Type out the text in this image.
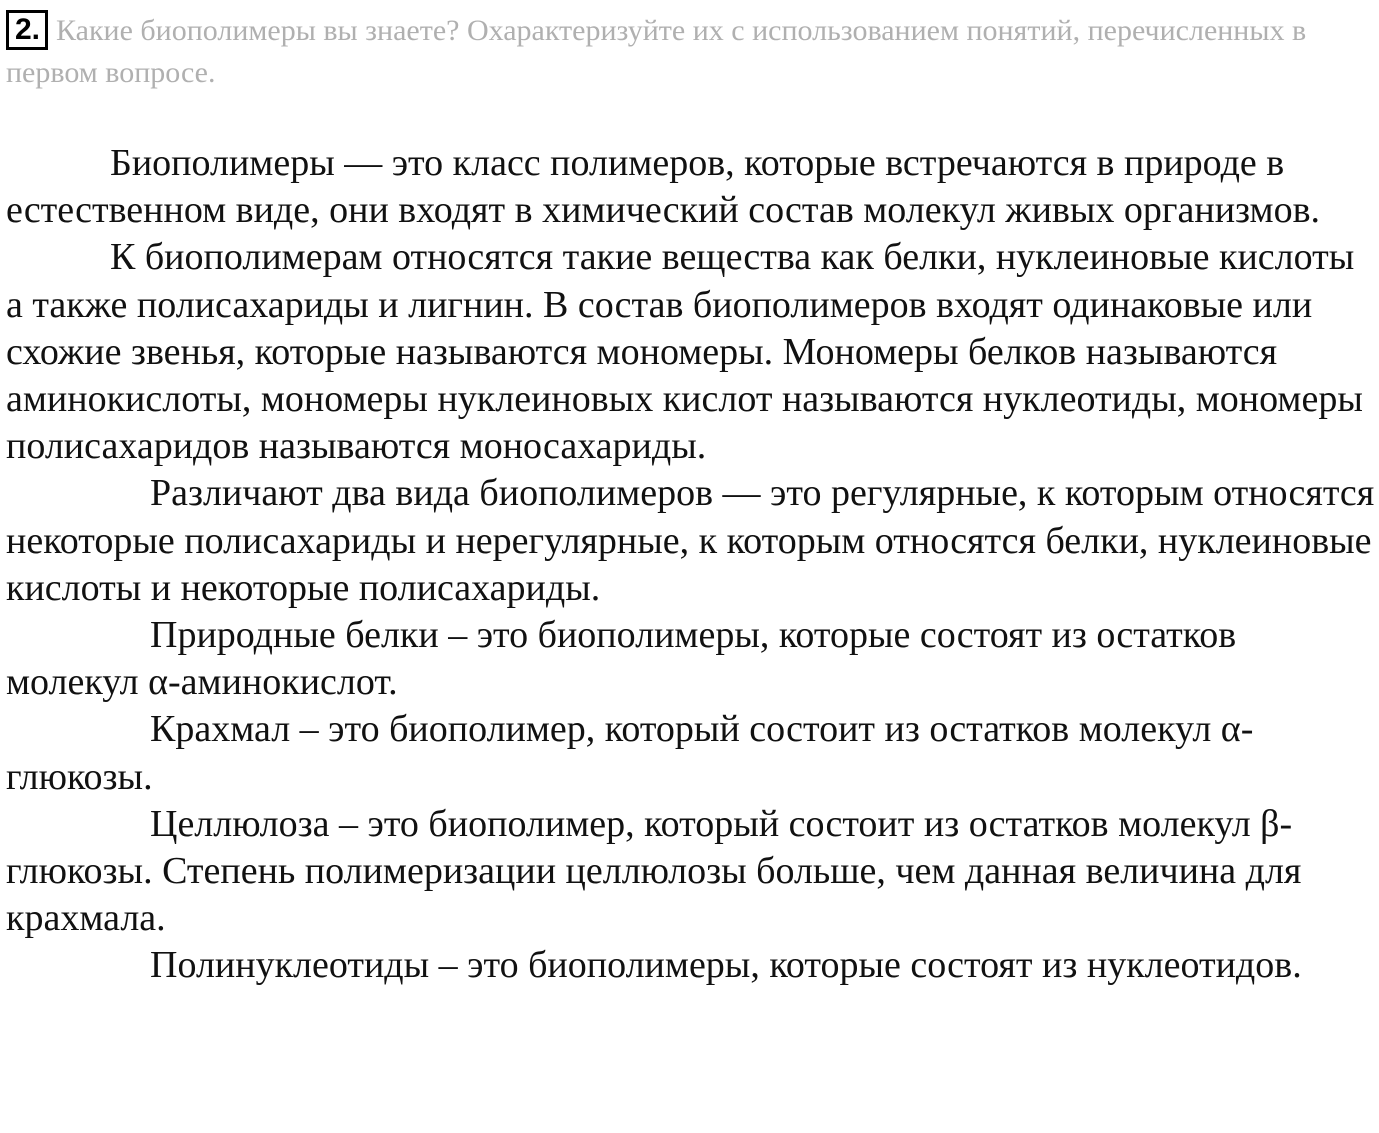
2. Какие биополимеры вы знаете? Охарактеризуйте их с использованием понятий, перечисленных в первом вопросе.

Биополимеры — это класс полимеров, которые встречаются в природе в естественном виде, они входят в химический состав молекул живых организмов.

К биополимерам относятся такие вещества как белки, нуклеиновые кислоты а также полисахариды и лигнин. В состав биополимеров входят одинаковые или схожие звенья, которые называются мономеры. Мономеры белков называются аминокислоты, мономеры нуклеиновых кислот называются нуклеотиды, мономеры полисахаридов называются моносахариды.

Различают два вида биополимеров — это регулярные, к которым относятся некоторые полисахариды и нерегулярные, к которым относятся белки, нуклеиновые кислоты и некоторые полисахариды.

Природные белки – это биополимеры, которые состоят из остатков молекул α-аминокислот.

Крахмал – это биополимер, который состоит из остатков молекул α-глюкозы.

Целлюлоза – это биополимер, который состоит из остатков молекул β-глюкозы. Степень полимеризации целлюлозы больше, чем данная величина для крахмала.

Полинуклеотиды – это биополимеры, которые состоят из нуклеотидов.
